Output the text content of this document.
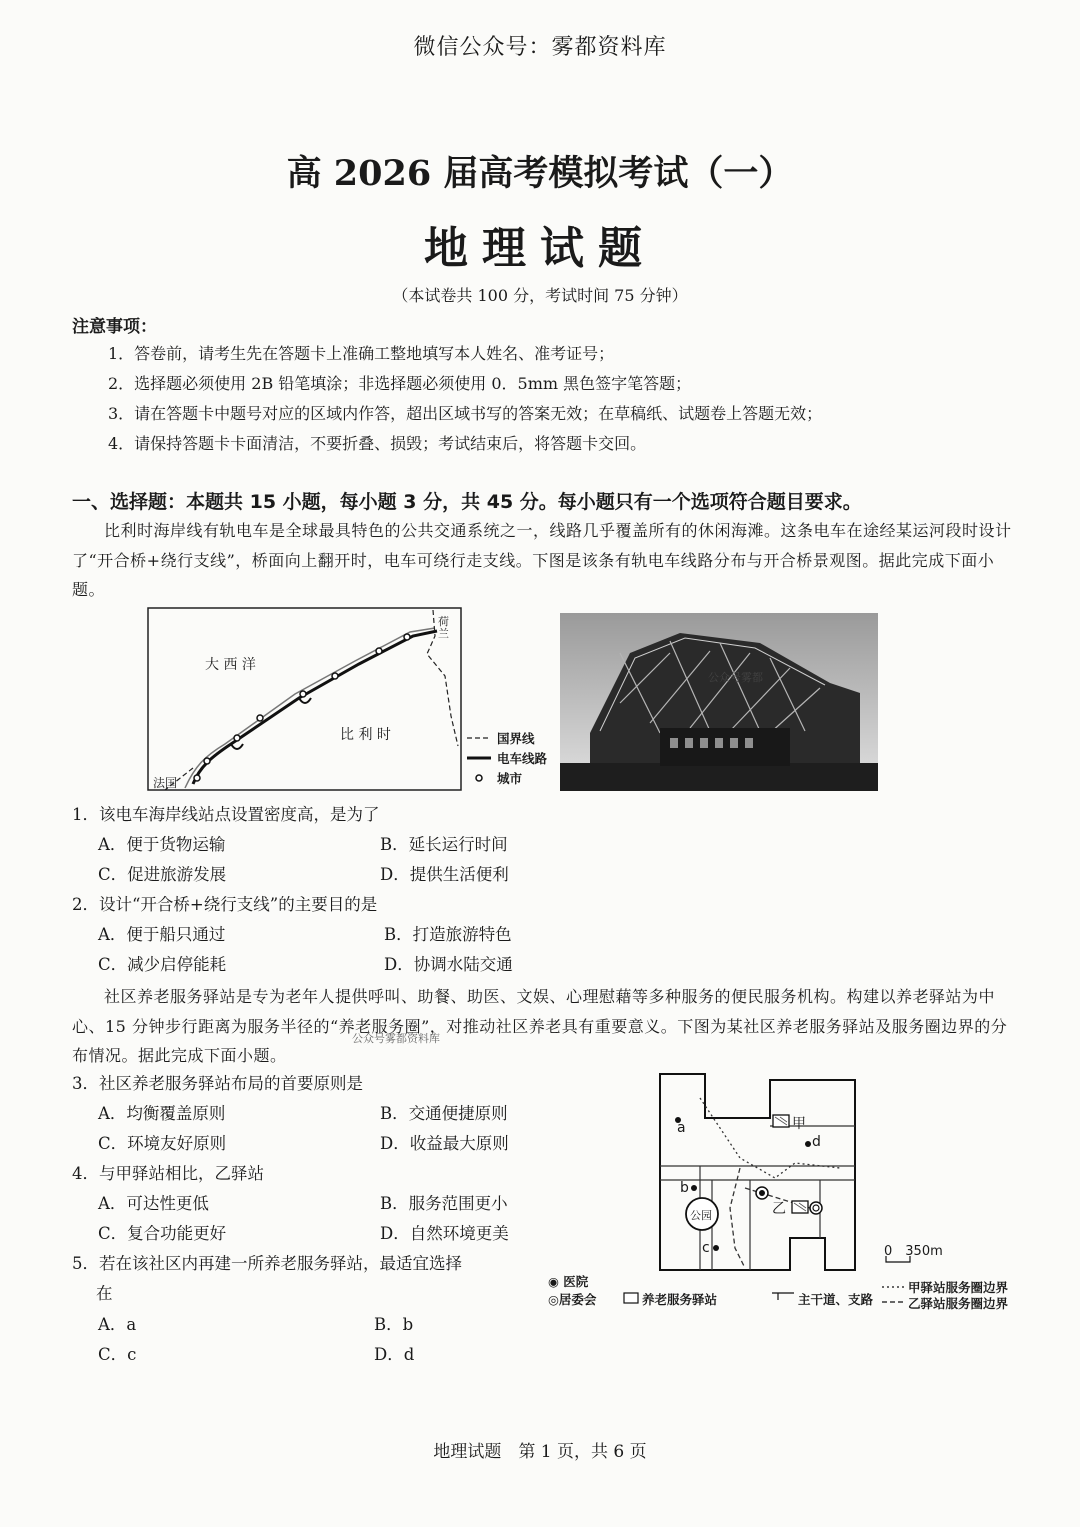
微信公众号：雾都资料库
高 2026 届高考模拟考试（一）
地理试题
（本试卷共 100 分，考试时间 75 分钟）
注意事项：
1．答卷前，请考生先在答题卡上准确工整地填写本人姓名、准考证号；
2．选择题必须使用 2B 铅笔填涂；非选择题必须使用 0．5mm 黑色签字笔答题；
3．请在答题卡中题号对应的区域内作答，超出区域书写的答案无效；在草稿纸、试题卷上答题无效；
4．请保持答题卡卡面清洁，不要折叠、损毁；考试结束后，将答题卡交回。
一、选择题：本题共 15 小题，每小题 3 分，共 45 分。每小题只有一个选项符合题目要求。
比利时海岸线有轨电车是全球最具特色的公共交通系统之一，线路几乎覆盖所有的休闲海滩。这条电车在途经某运河段时设计了“开合桥+绕行支线”，桥面向上翻开时，电车可绕行走支线。下图是该条有轨电车线路分布与开合桥景观图。据此完成下面小题。
大 西 洋
比 利 时
荷兰
法国
国界线
电车线路
城市
公众号雾都
1．该电车海岸线站点设置密度高，是为了
A．便于货物运输	B．延长运行时间
C．促进旅游发展	D．提供生活便利
2．设计“开合桥+绕行支线”的主要目的是
A．便于船只通过	B．打造旅游特色
C．减少启停能耗	D．协调水陆交通
社区养老服务驿站是专为老年人提供呼叫、助餐、助医、文娱、心理慰藉等多种服务的便民服务机构。构建以养老驿站为中心、15 分钟步行距离为服务半径的“养老服务圈”，对推动社区养老具有重要意义。下图为某社区养老服务驿站及服务圈边界的分布情况。据此完成下面小题。
公众号雾都资料库
3．社区养老服务驿站布局的首要原则是
A．均衡覆盖原则	B．交通便捷原则
C．环境友好原则	D．收益最大原则
4．与甲驿站相比，乙驿站
A．可达性更低	B．服务范围更小
C．复合功能更好	D．自然环境更美
5．若在该社区内再建一所养老服务驿站，最适宜选择
在
A．a	B．b
C．c	D．d
甲
乙
公园
a
b
c
d
0　350m
◉ 医院
◎居委会	养老服务驿站	主干道、支路
甲驿站服务圈边界
乙驿站服务圈边界
地理试题　第 1 页，共 6 页
